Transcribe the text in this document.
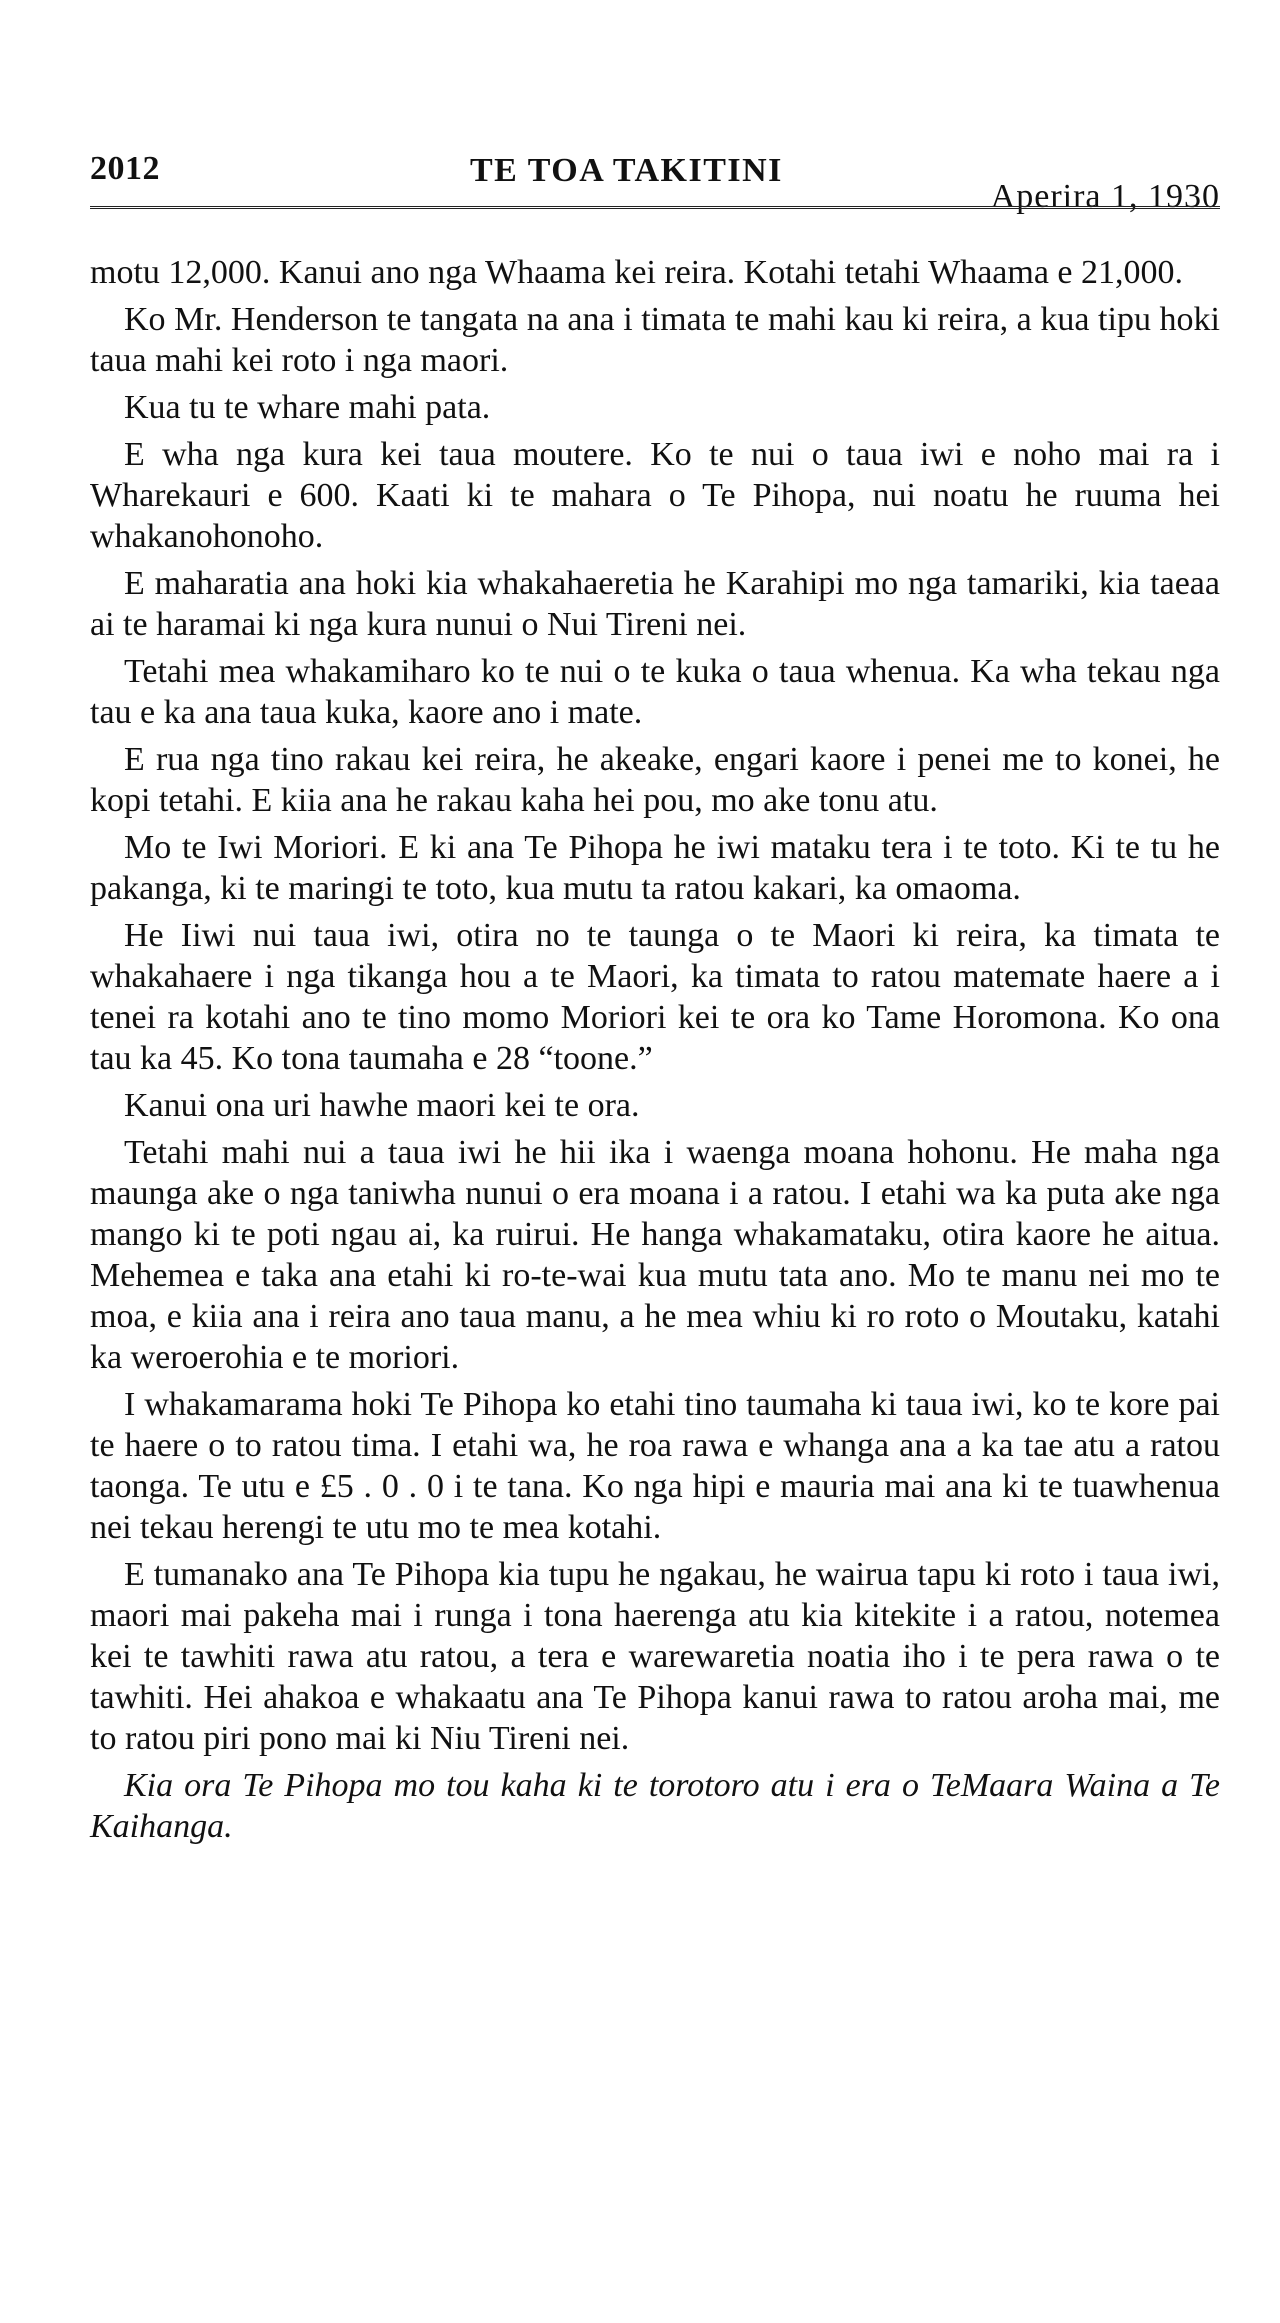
2012	TE TOA TAKITINI
Aperira 1, 1930

motu 12,000. Kanui ano nga Whaama kei reira. Kotahi tetahi Whaama e 21,000.

Ko Mr. Henderson te tangata na ana i timata te mahi kau ki reira, a kua tipu hoki taua mahi kei roto i nga maori.

Kua tu te whare mahi pata.

E wha nga kura kei taua moutere. Ko te nui o taua iwi e noho mai ra i Wharekauri e 600. Kaati ki te mahara o Te Pihopa, nui noatu he ruuma hei whakanohonoho.

E maharatia ana hoki kia whakahaeretia he Karahipi mo nga tamariki, kia taeaa ai te haramai ki nga kura nunui o Nui Tireni nei.

Tetahi mea whakamiharo ko te nui o te kuka o taua whenua. Ka wha tekau nga tau e ka ana taua kuka, kaore ano i mate.

E rua nga tino rakau kei reira, he akeake, engari kaore i penei me to konei, he kopi tetahi. E kiia ana he rakau kaha hei pou, mo ake tonu atu.

Mo te Iwi Moriori. E ki ana Te Pihopa he iwi mataku tera i te toto. Ki te tu he pakanga, ki te maringi te toto, kua mutu ta ratou kakari, ka omaoma.

He Iiwi nui taua iwi, otira no te taunga o te Maori ki reira, ka timata te whakahaere i nga tikanga hou a te Maori, ka timata to ratou matemate haere a i tenei ra kotahi ano te tino momo Moriori kei te ora ko Tame Horomona. Ko ona tau ka 45. Ko tona taumaha e 28 “toone.”

Kanui ona uri hawhe maori kei te ora.

Tetahi mahi nui a taua iwi he hii ika i waenga moana hohonu. He maha nga maunga ake o nga taniwha nunui o era moana i a ratou. I etahi wa ka puta ake nga mango ki te poti ngau ai, ka ruirui. He hanga whakamataku, otira kaore he aitua. Mehemea e taka ana etahi ki ro-te-wai kua mutu tata ano. Mo te manu nei mo te moa, e kiia ana i reira ano taua manu, a he mea whiu ki ro roto o Moutaku, katahi ka weroerohia e te moriori.

I whakamarama hoki Te Pihopa ko etahi tino taumaha ki taua iwi, ko te kore pai te haere o to ratou tima. I etahi wa, he roa rawa e whanga ana a ka tae atu a ratou taonga. Te utu e £5 . 0 . 0 i te tana. Ko nga hipi e mauria mai ana ki te tuawhenua nei tekau herengi te utu mo te mea kotahi.

E tumanako ana Te Pihopa kia tupu he ngakau, he wairua tapu ki roto i taua iwi, maori mai pakeha mai i runga i tona haerenga atu kia kitekite i a ratou, notemea kei te tawhiti rawa atu ratou, a tera e warewaretia noatia iho i te pera rawa o te tawhiti. Hei ahakoa e whakaatu ana Te Pihopa kanui rawa to ratou aroha mai, me to ratou piri pono mai ki Niu Tireni nei.

Kia ora Te Pihopa mo tou kaha ki te torotoro atu i era o TeMaara Waina a Te Kaihanga.
